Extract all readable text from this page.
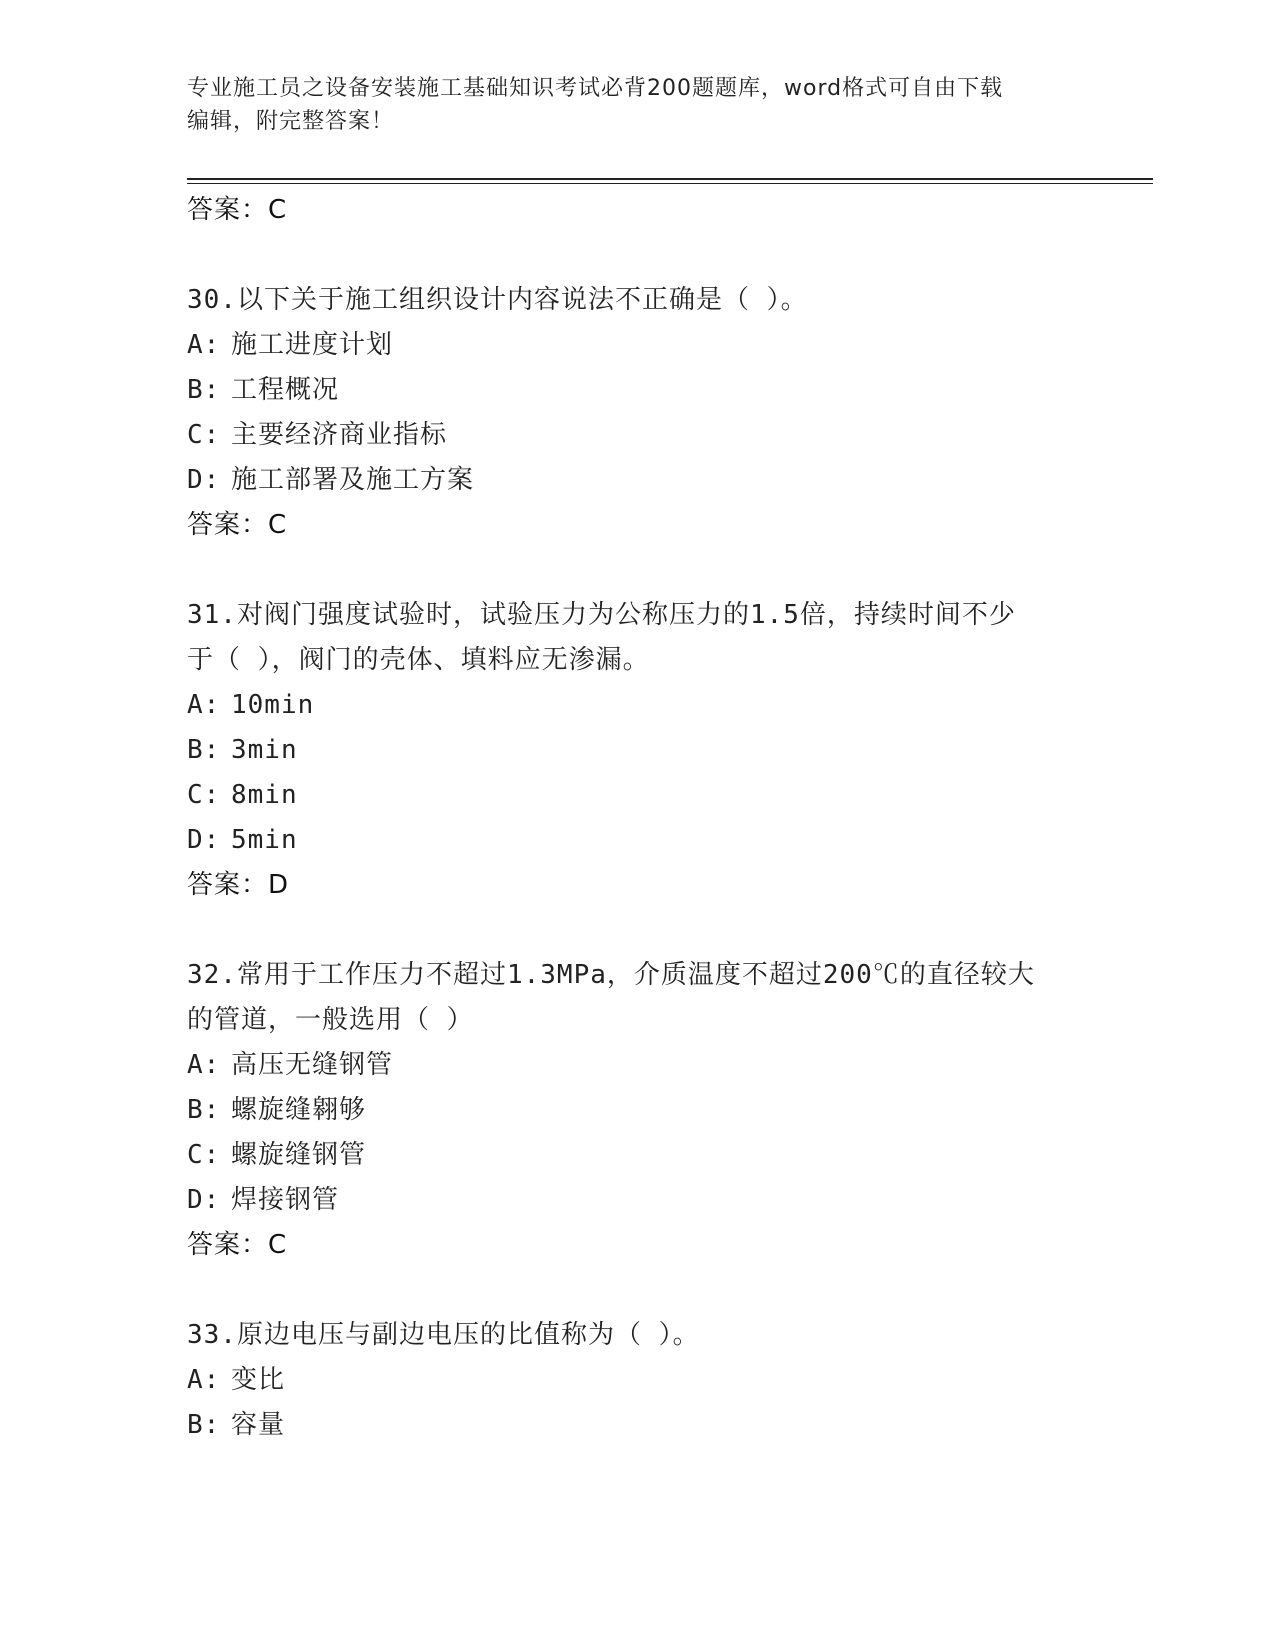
专业施工员之设备安装施工基础知识考试必背200题题库，word格式可自由下载
编辑，附完整答案！
答案：C
30.以下关于施工组织设计内容说法不正确是（ ）。
A: 施工进度计划
B: 工程概况
C: 主要经济商业指标
D: 施工部署及施工方案
答案：C
31.对阀门强度试验时，试验压力为公称压力的1.5倍，持续时间不少
于（ ），阀门的壳体、填料应无渗漏。
A: 10min
B: 3min
C: 8min
D: 5min
答案：D
32.常用于工作压力不超过1.3MPa，介质温度不超过200℃的直径较大
的管道，一般选用（ ）
A: 高压无缝钢管
B: 螺旋缝翱够
C: 螺旋缝钢管
D: 焊接钢管
答案：C
33.原边电压与副边电压的比值称为（ ）。
A: 变比
B: 容量
